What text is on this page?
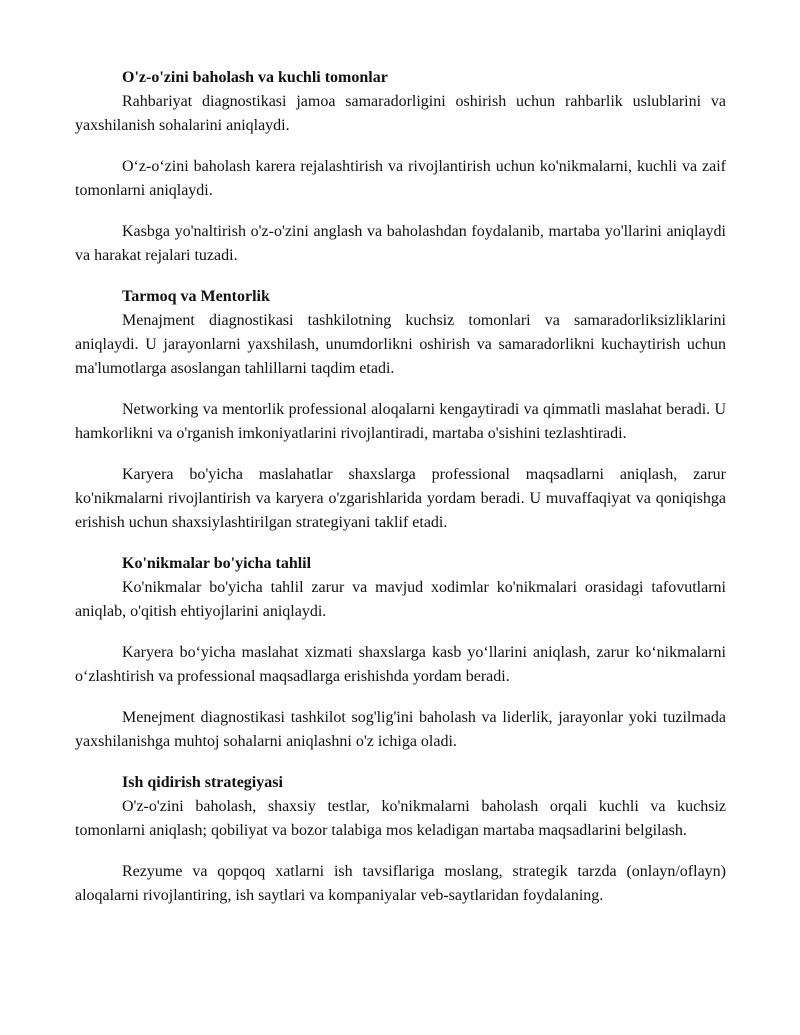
O'z-o'zini baholash va kuchli tomonlar

Rahbariyat diagnostikasi jamoa samaradorligini oshirish uchun rahbarlik uslublarini va yaxshilanish sohalarini aniqlaydi.

O‘z-o‘zini baholash karera rejalashtirish va rivojlantirish uchun ko'nikmalarni, kuchli va zaif tomonlarni aniqlaydi.

Kasbga yo'naltirish o'z-o'zini anglash va baholashdan foydalanib, martaba yo'llarini aniqlaydi va harakat rejalari tuzadi.

Tarmoq va Mentorlik

Menajment diagnostikasi tashkilotning kuchsiz tomonlari va samaradorliksizliklarini aniqlaydi. U jarayonlarni yaxshilash, unumdorlikni oshirish va samaradorlikni kuchaytirish uchun ma'lumotlarga asoslangan tahlillarni taqdim etadi.

Networking va mentorlik professional aloqalarni kengaytiradi va qimmatli maslahat beradi. U hamkorlikni va o'rganish imkoniyatlarini rivojlantiradi, martaba o'sishini tezlashtiradi.

Karyera bo'yicha maslahatlar shaxslarga professional maqsadlarni aniqlash, zarur ko'nikmalarni rivojlantirish va karyera o'zgarishlarida yordam beradi. U muvaffaqiyat va qoniqishga erishish uchun shaxsiylashtirilgan strategiyani taklif etadi.

Ko'nikmalar bo'yicha tahlil

Ko'nikmalar bo'yicha tahlil zarur va mavjud xodimlar ko'nikmalari orasidagi tafovutlarni aniqlab, o'qitish ehtiyojlarini aniqlaydi.

Karyera bo‘yicha maslahat xizmati shaxslarga kasb yo‘llarini aniqlash, zarur ko‘nikmalarni o‘zlashtirish va professional maqsadlarga erishishda yordam beradi.

Menejment diagnostikasi tashkilot sog'lig'ini baholash va liderlik, jarayonlar yoki tuzilmada yaxshilanishga muhtoj sohalarni aniqlashni o'z ichiga oladi.

Ish qidirish strategiyasi

O'z-o'zini baholash, shaxsiy testlar, ko'nikmalarni baholash orqali kuchli va kuchsiz tomonlarni aniqlash; qobiliyat va bozor talabiga mos keladigan martaba maqsadlarini belgilash.

Rezyume va qopqoq xatlarni ish tavsiflariga moslang, strategik tarzda (onlayn/oflayn) aloqalarni rivojlantiring, ish saytlari va kompaniyalar veb-saytlaridan foydalaning.
